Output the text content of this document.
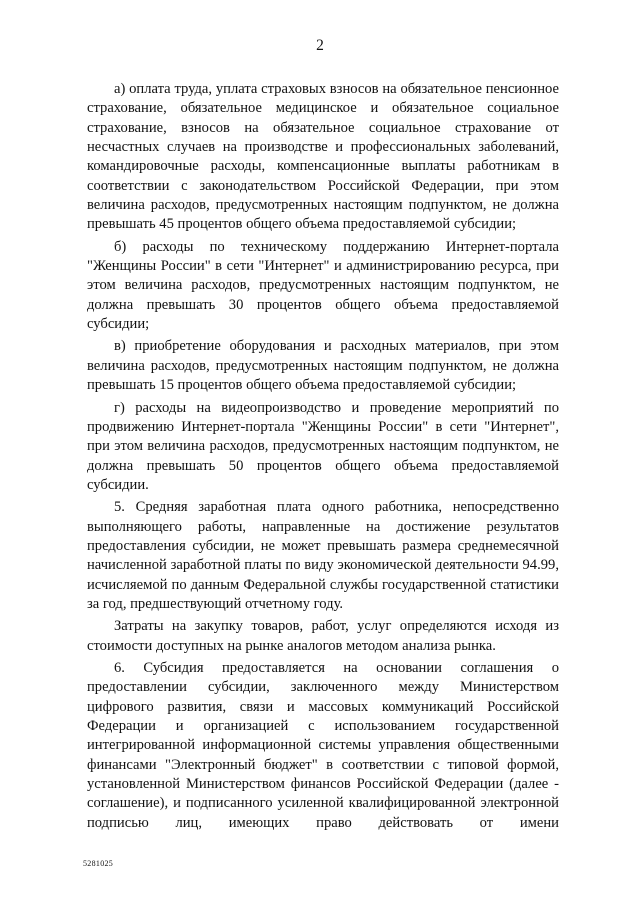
2

а) оплата труда, уплата страховых взносов на обязательное пенсионное страхование, обязательное медицинское и обязательное социальное страхование, взносов на обязательное социальное страхование от несчастных случаев на производстве и профессиональных заболеваний, командировочные расходы, компенсационные выплаты работникам в соответствии с законодательством Российской Федерации, при этом величина расходов, предусмотренных настоящим подпунктом, не должна превышать 45 процентов общего объема предоставляемой субсидии;

б) расходы по техническому поддержанию Интернет-портала "Женщины России" в сети "Интернет" и администрированию ресурса, при этом величина расходов, предусмотренных настоящим подпунктом, не должна превышать 30 процентов общего объема предоставляемой субсидии;

в) приобретение оборудования и расходных материалов, при этом величина расходов, предусмотренных настоящим подпунктом, не должна превышать 15 процентов общего объема предоставляемой субсидии;

г) расходы на видеопроизводство и проведение мероприятий по продвижению Интернет-портала "Женщины России" в сети "Интернет", при этом величина расходов, предусмотренных настоящим подпунктом, не должна превышать 50 процентов общего объема предоставляемой субсидии.

5. Средняя заработная плата одного работника, непосредственно выполняющего работы, направленные на достижение результатов предоставления субсидии, не может превышать размера среднемесячной начисленной заработной платы по виду экономической деятельности 94.99, исчисляемой по данным Федеральной службы государственной статистики за год, предшествующий отчетному году.

Затраты на закупку товаров, работ, услуг определяются исходя из стоимости доступных на рынке аналогов методом анализа рынка.

6. Субсидия предоставляется на основании соглашения о предоставлении субсидии, заключенного между Министерством цифрового развития, связи и массовых коммуникаций Российской Федерации и организацией с использованием государственной интегрированной информационной системы управления общественными финансами "Электронный бюджет" в соответствии с типовой формой, установленной Министерством финансов Российской Федерации (далее - соглашение), и подписанного усиленной квалифицированной электронной подписью лиц, имеющих право действовать от имени

5281025
